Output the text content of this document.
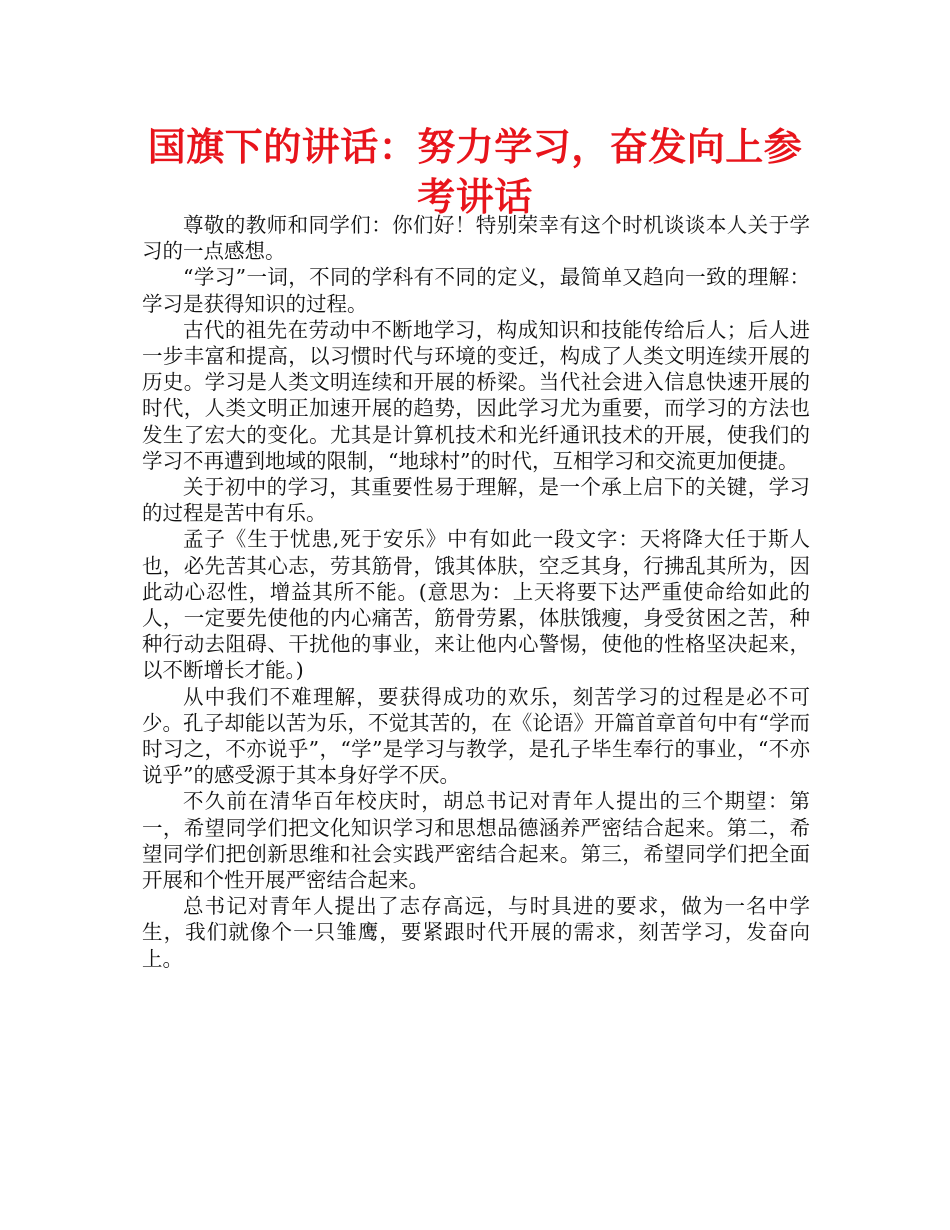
国旗下的讲话：努力学习，奋发向上参考讲话

尊敬的教师和同学们：你们好！特别荣幸有这个时机谈谈本人关于学习的一点感想。

“学习”一词，不同的学科有不同的定义，最简单又趋向一致的理解：学习是获得知识的过程。

古代的祖先在劳动中不断地学习，构成知识和技能传给后人；后人进一步丰富和提高，以习惯时代与环境的变迁，构成了人类文明连续开展的历史。学习是人类文明连续和开展的桥梁。当代社会进入信息快速开展的时代，人类文明正加速开展的趋势，因此学习尤为重要，而学习的方法也发生了宏大的变化。尤其是计算机技术和光纤通讯技术的开展，使我们的学习不再遭到地域的限制，“地球村”的时代，互相学习和交流更加便捷。

关于初中的学习，其重要性易于理解，是一个承上启下的关键，学习的过程是苦中有乐。

孟子《生于忧患,死于安乐》中有如此一段文字：天将降大任于斯人也，必先苦其心志，劳其筋骨，饿其体肤，空乏其身，行拂乱其所为，因此动心忍性，增益其所不能。(意思为：上天将要下达严重使命给如此的人，一定要先使他的内心痛苦，筋骨劳累，体肤饿瘦，身受贫困之苦，种种行动去阻碍、干扰他的事业，来让他内心警惕，使他的性格坚决起来，以不断增长才能。)

从中我们不难理解，要获得成功的欢乐，刻苦学习的过程是必不可少。孔子却能以苦为乐，不觉其苦的，在《论语》开篇首章首句中有“学而时习之，不亦说乎”，“学”是学习与教学，是孔子毕生奉行的事业，“不亦说乎”的感受源于其本身好学不厌。

不久前在清华百年校庆时，胡总书记对青年人提出的三个期望：第一，希望同学们把文化知识学习和思想品德涵养严密结合起来。第二，希望同学们把创新思维和社会实践严密结合起来。第三，希望同学们把全面开展和个性开展严密结合起来。

总书记对青年人提出了志存高远，与时具进的要求，做为一名中学生，我们就像个一只雏鹰，要紧跟时代开展的需求，刻苦学习，发奋向上。
